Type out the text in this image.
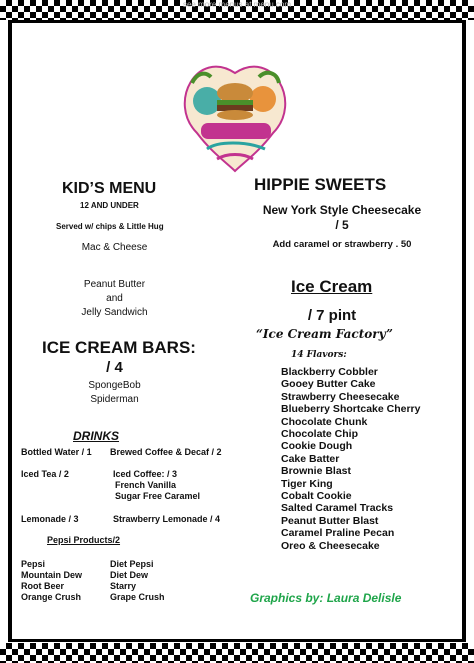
see more menus at menu.com
KID’S MENU
12 AND UNDER
Served w/ chips & Little Hug
Mac & Cheese
Peanut Butter
and
Jelly Sandwich
ICE CREAM BARS:
/ 4
SpongeBob
Spiderman
DRINKS
Bottled Water / 1 Brewed Coffee & Decaf / 2
Iced Tea / 2	Iced Coffee: / 3
French Vanilla
Sugar Free Caramel
Lemonade / 3	Strawberry Lemonade / 4
Pepsi Products/2
Pepsi
Mountain Dew
Root Beer
Orange Crush
Diet Pepsi
Diet Dew
Starry
Grape Crush
HIPPIE SWEETS
New York Style Cheesecake
/ 5
Add caramel or strawberry . 50
Ice Cream
/ 7 pint
“Ice Cream Factory”
14 Flavors:
Blackberry Cobbler
Gooey Butter Cake
Strawberry Cheesecake
Blueberry Shortcake Cherry
Chocolate Chunk
Chocolate Chip
Cookie Dough
Cake Batter
Brownie Blast
Tiger King
Cobalt Cookie
Salted Caramel Tracks
Peanut Butter Blast
Caramel Praline Pecan
Oreo & Cheesecake
Graphics by: Laura Delisle
